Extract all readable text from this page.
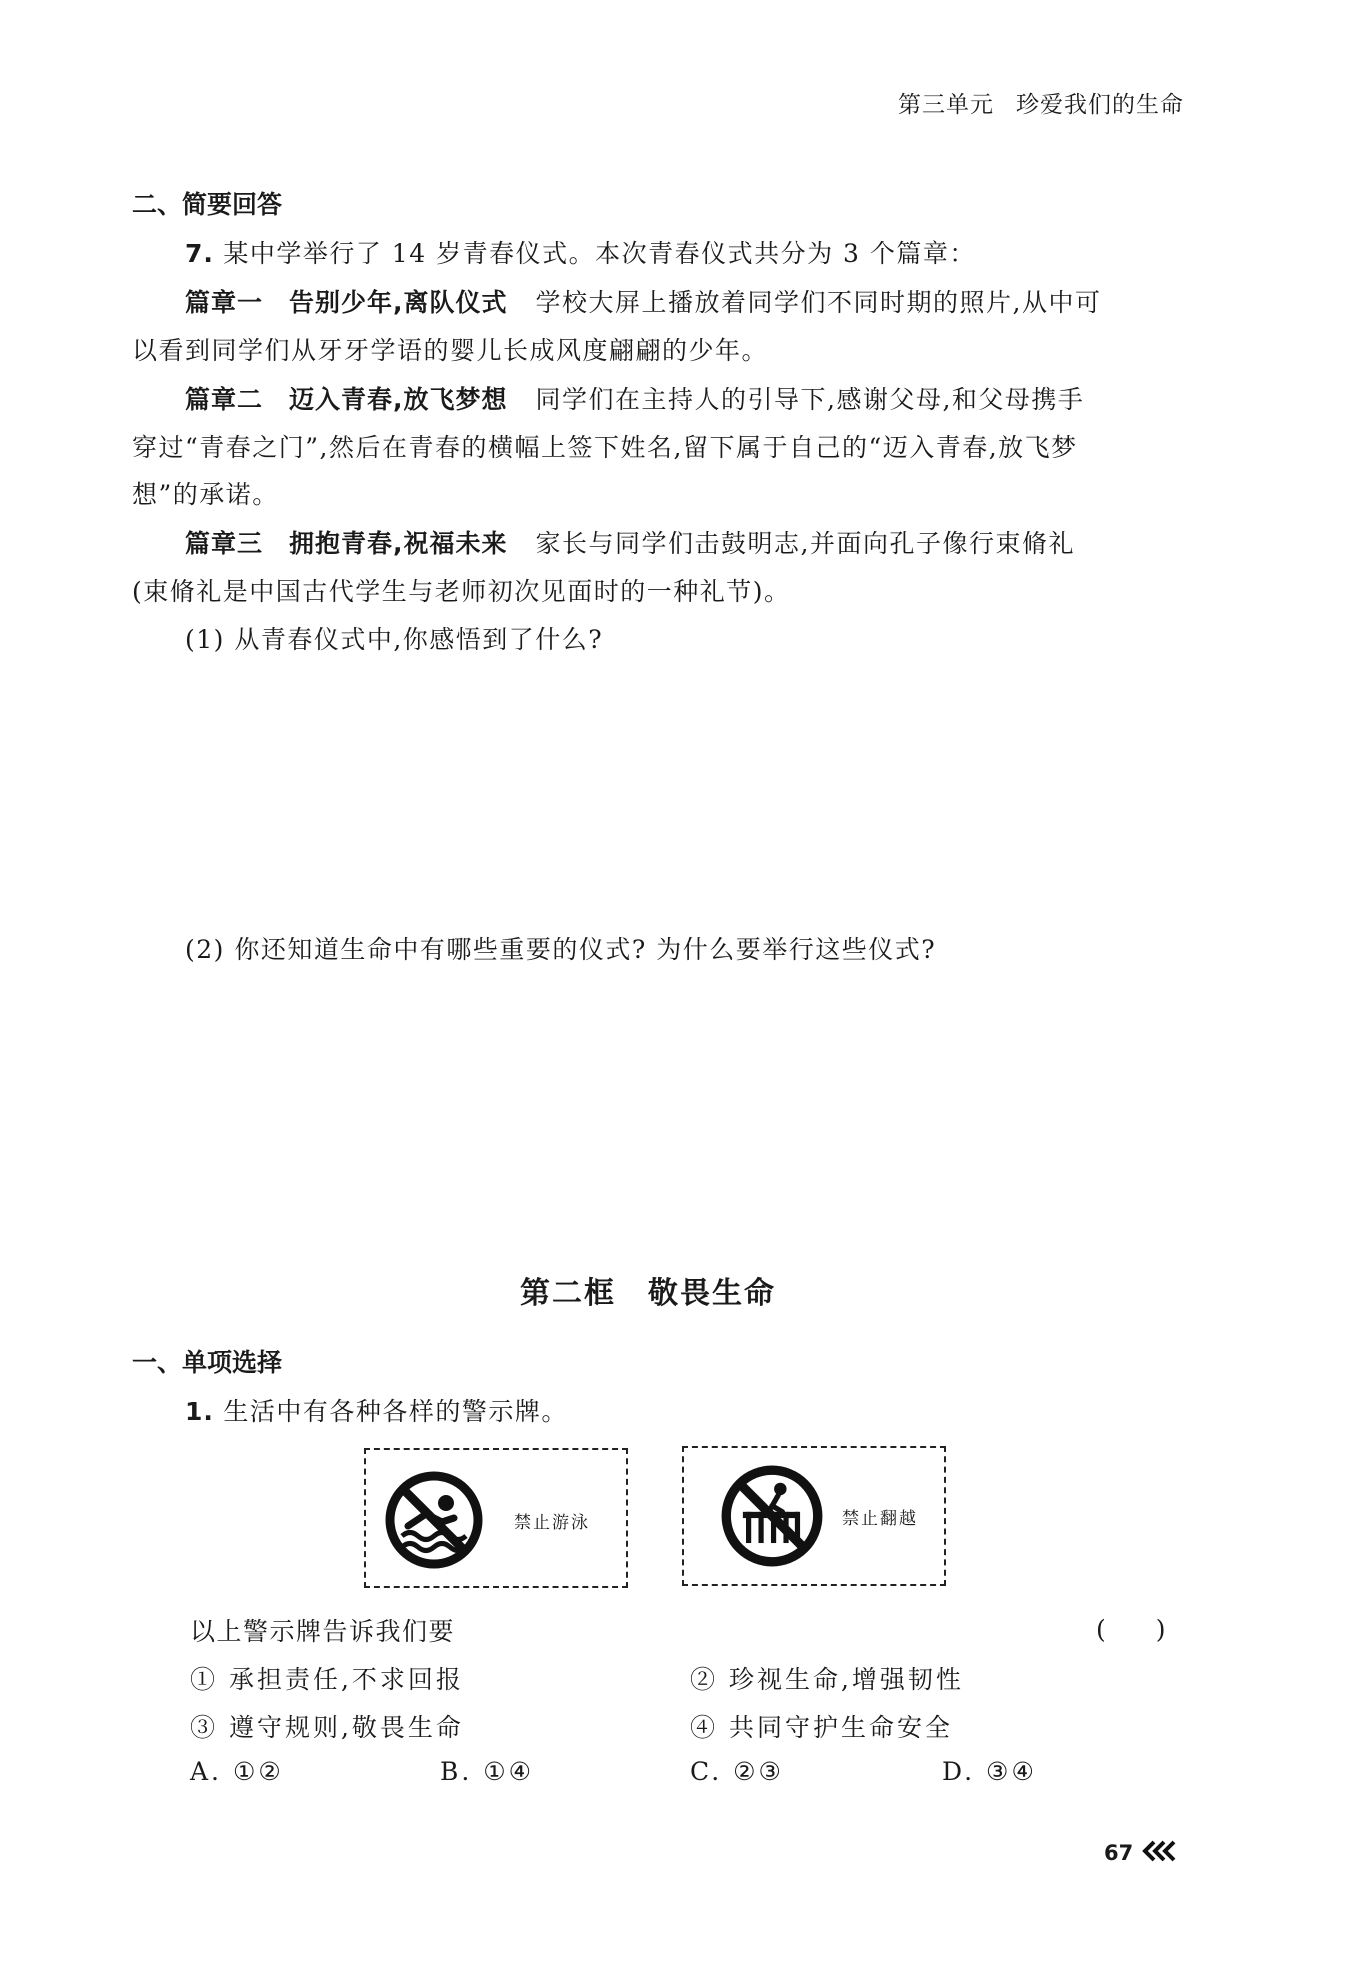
第三单元 珍爱我们的生命
二、简要回答
7. 某中学举行了 14 岁青春仪式。本次青春仪式共分为 3 个篇章：
篇章一　告别少年,离队仪式 学校大屏上播放着同学们不同时期的照片,从中可
以看到同学们从牙牙学语的婴儿长成风度翩翩的少年。
篇章二　迈入青春,放飞梦想 同学们在主持人的引导下,感谢父母,和父母携手
穿过“青春之门”,然后在青春的横幅上签下姓名,留下属于自己的“迈入青春,放飞梦
想”的承诺。
篇章三　拥抱青春,祝福未来 家长与同学们击鼓明志,并面向孔子像行束脩礼
(束脩礼是中国古代学生与老师初次见面时的一种礼节)。
(1) 从青春仪式中,你感悟到了什么?
(2) 你还知道生命中有哪些重要的仪式? 为什么要举行这些仪式?
第二框　敬畏生命
一、单项选择
1. 生活中有各种各样的警示牌。
禁止游泳	禁止翻越
以上警示牌告诉我们要	(　　)
① 承担责任,不求回报	② 珍视生命,增强韧性
③ 遵守规则,敬畏生命	④ 共同守护生命安全
A. ①②	B. ①④	C. ②③	D. ③④
67
